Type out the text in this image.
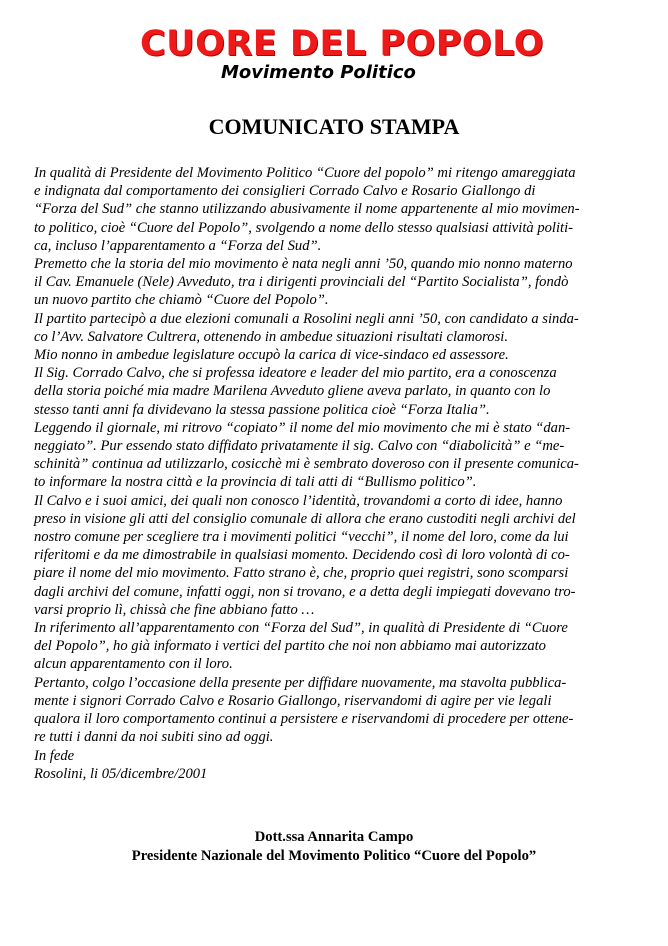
CUORE DEL POPOLO
Movimento Politico
COMUNICATO STAMPA

In qualità di Presidente del Movimento Politico “Cuore del popolo” mi ritengo amareggiata

e indignata dal comportamento dei consiglieri Corrado Calvo e Rosario Giallongo di

“Forza del Sud” che stanno utilizzando abusivamente il nome appartenente al mio movimen-

to politico, cioè “Cuore del Popolo”, svolgendo a nome dello stesso qualsiasi attività politi-

ca, incluso l’apparentamento a “Forza del Sud”.

Premetto che la storia del mio movimento è nata negli anni ’50, quando mio nonno materno

il Cav. Emanuele (Nele) Avveduto, tra i dirigenti provinciali del “Partito Socialista”, fondò

un nuovo partito che chiamò “Cuore del Popolo”.

Il partito partecipò a due elezioni comunali a Rosolini negli anni ’50, con candidato a sinda-

co l’Avv. Salvatore Cultrera, ottenendo in ambedue situazioni risultati clamorosi.

Mio nonno in ambedue legislature occupò la carica di vice-sindaco ed assessore.

Il Sig. Corrado Calvo, che si professa ideatore e leader del mio partito, era a conoscenza

della storia poiché mia madre Marilena Avveduto gliene aveva parlato, in quanto con lo

stesso tanti anni fa dividevano la stessa passione politica cioè “Forza Italia”.

Leggendo il giornale, mi ritrovo “copiato” il nome del mio movimento che mi è stato “dan-

neggiato”. Pur essendo stato diffidato privatamente il sig. Calvo con “diabolicità” e “me-

schinità” continua ad utilizzarlo, cosicchè mi è sembrato doveroso con il presente comunica-

to informare la nostra città e la provincia di tali atti di “Bullismo politico”.

Il Calvo e i suoi amici, dei quali non conosco l’identità, trovandomi a corto di idee, hanno

preso in visione gli atti del consiglio comunale di allora che erano custoditi negli archivi del

nostro comune per scegliere tra i movimenti politici “vecchi”, il nome del loro, come da lui

riferitomi e da me dimostrabile in qualsiasi momento. Decidendo così di loro volontà di co-

piare il nome del mio movimento. Fatto strano è, che, proprio quei registri, sono scomparsi

dagli archivi del comune, infatti oggi, non si trovano, e a detta degli impiegati dovevano tro-

varsi proprio lì, chissà che fine abbiano fatto …

In riferimento all’apparentamento con “Forza del Sud”, in qualità di Presidente di “Cuore

del Popolo”, ho già informato i vertici del partito che noi non abbiamo mai autorizzato

alcun apparentamento con il loro.

Pertanto, colgo l’occasione della presente per diffidare nuovamente, ma stavolta pubblica-

mente i signori Corrado Calvo e Rosario Giallongo, riservandomi di agire per vie legali

qualora il loro comportamento continui a persistere e riservandomi di procedere per ottene-

re tutti i danni da noi subiti sino ad oggi.

In fede

Rosolini, li 05/dicembre/2001

Dott.ssa Annarita Campo
Presidente Nazionale del Movimento Politico “Cuore del Popolo”
